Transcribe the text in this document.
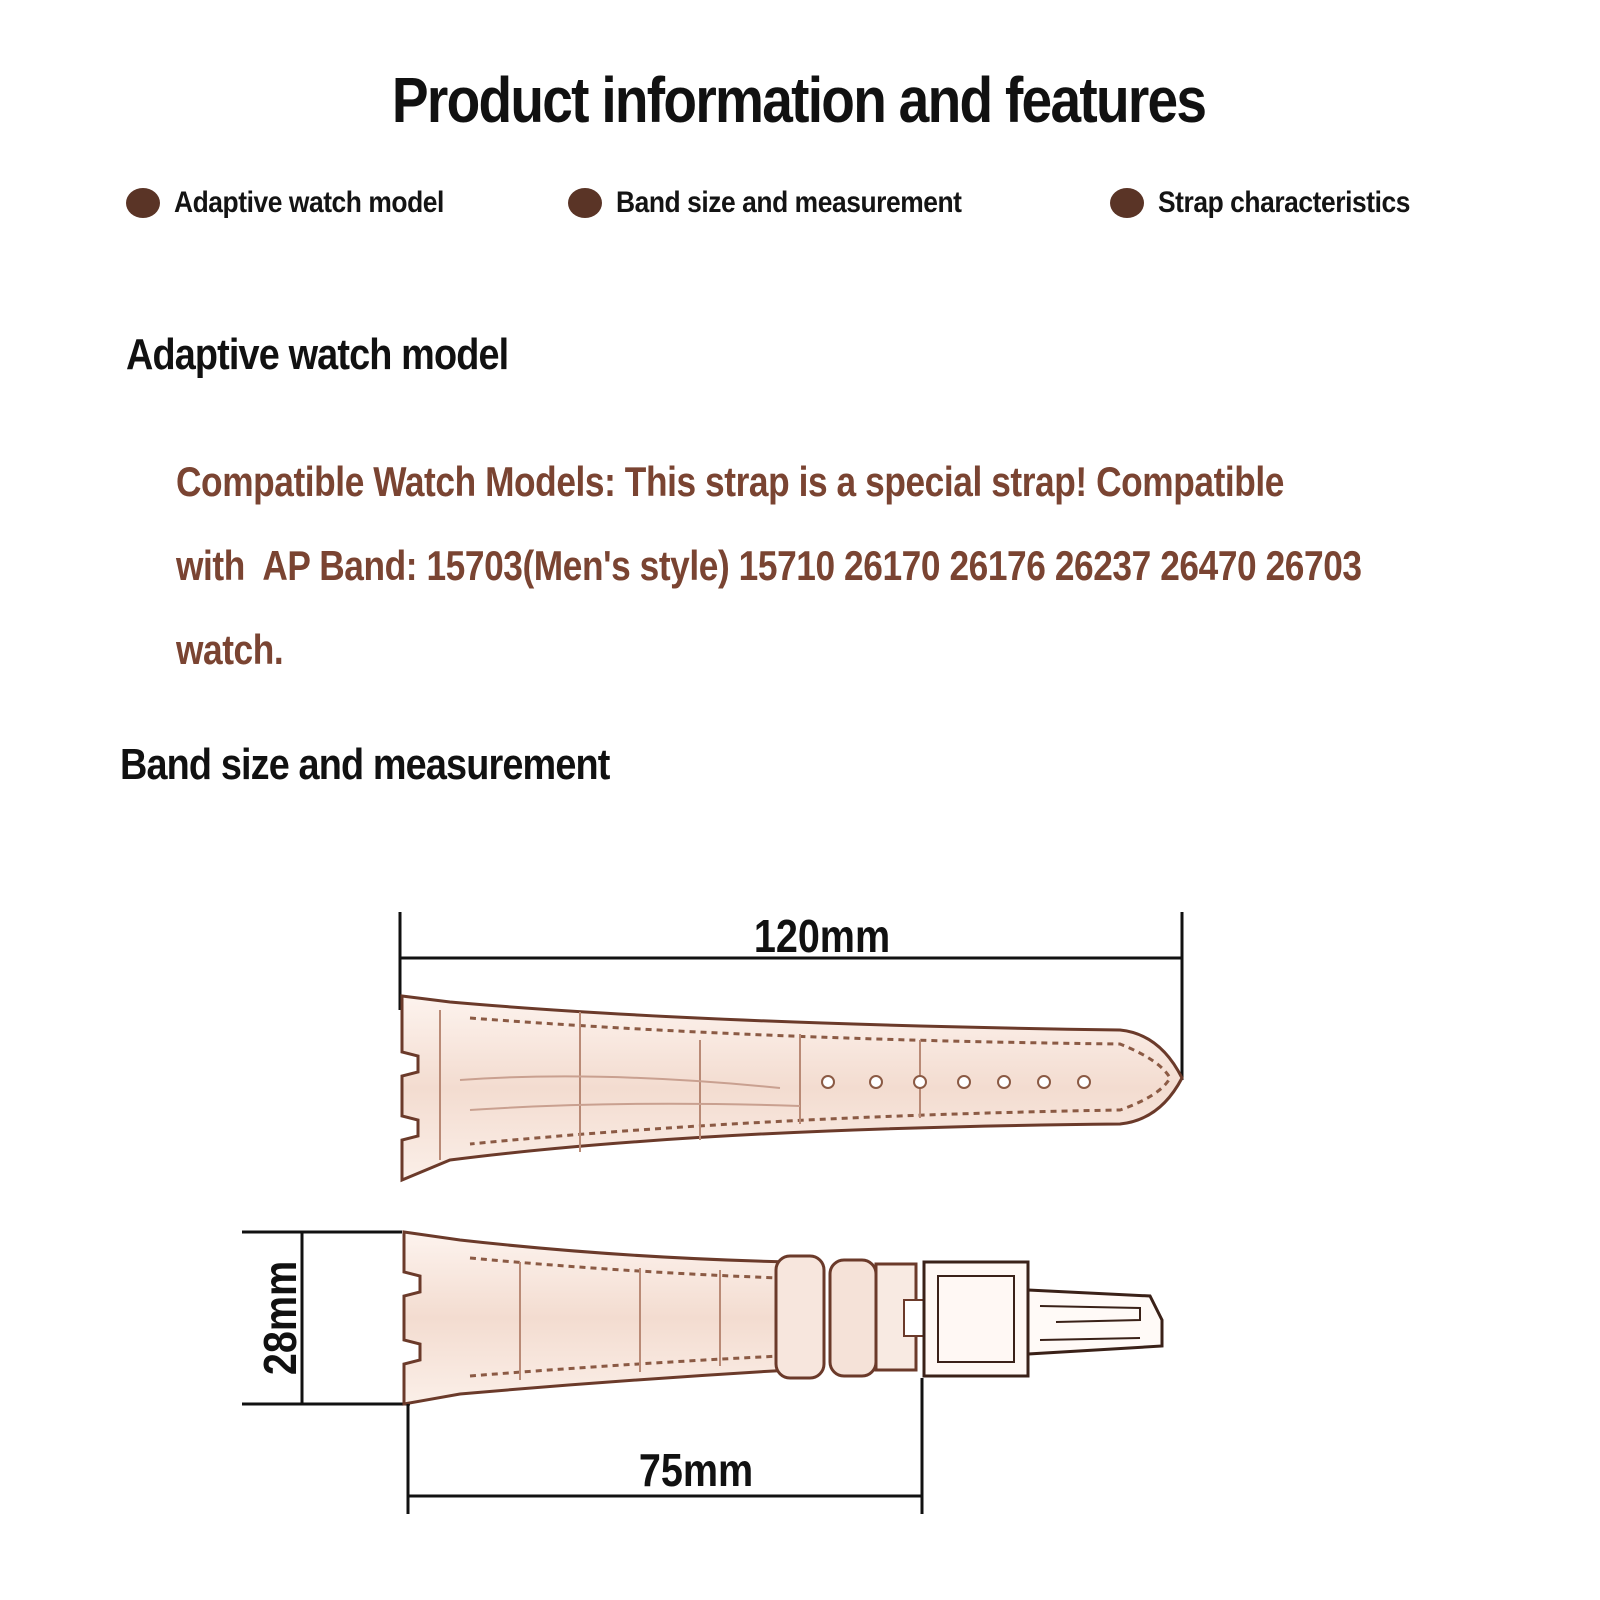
Product information and features
Adaptive watch model	Band size and measurement	Strap characteristics
Adaptive watch model
Compatible Watch Models: This strap is a special strap! Compatible
with  AP Band: 15703(Men's style) 15710 26170 26176 26237 26470 26703
watch.
Band size and measurement
120mm
28mm
75mm
